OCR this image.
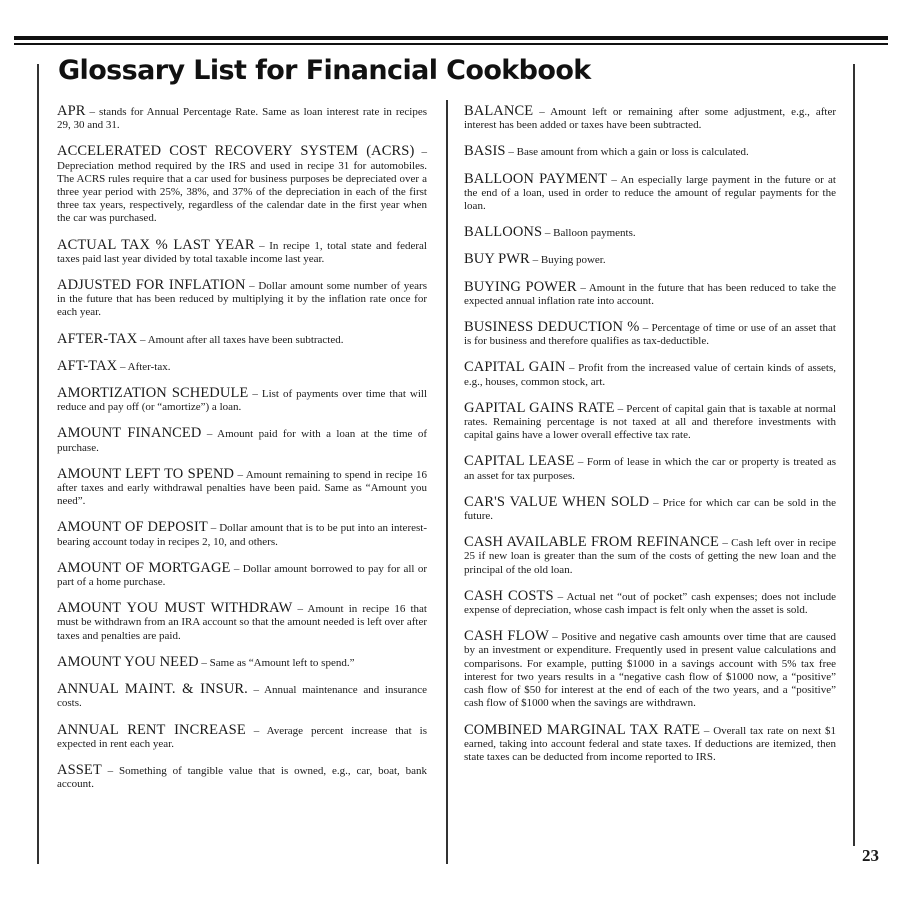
Glossary List for Financial Cookbook

APR – stands for Annual Percentage Rate. Same as loan interest rate in recipes 29, 30 and 31.

ACCELERATED COST RECOVERY SYSTEM (ACRS) – Depreciation method required by the IRS and used in recipe 31 for automobiles. The ACRS rules require that a car used for business purposes be depreciated over a three year period with 25%, 38%, and 37% of the depreciation in each of the first three tax years, respectively, regardless of the calendar date in the first year when the car was purchased.

ACTUAL TAX % LAST YEAR – In recipe 1, total state and federal taxes paid last year divided by total taxable income last year.

ADJUSTED FOR INFLATION – Dollar amount some number of years in the future that has been reduced by multiplying it by the inflation rate once for each year.

AFTER-TAX – Amount after all taxes have been subtracted.

AFT-TAX – After-tax.

AMORTIZATION SCHEDULE – List of payments over time that will reduce and pay off (or “amortize”) a loan.

AMOUNT FINANCED – Amount paid for with a loan at the time of purchase.

AMOUNT LEFT TO SPEND – Amount remaining to spend in recipe 16 after taxes and early withdrawal penalties have been paid. Same as “Amount you need”.

AMOUNT OF DEPOSIT – Dollar amount that is to be put into an interest-bearing account today in recipes 2, 10, and others.

AMOUNT OF MORTGAGE – Dollar amount borrowed to pay for all or part of a home purchase.

AMOUNT YOU MUST WITHDRAW – Amount in recipe 16 that must be withdrawn from an IRA account so that the amount needed is left over after taxes and penalties are paid.

AMOUNT YOU NEED – Same as “Amount left to spend.”

ANNUAL MAINT. & INSUR. – Annual maintenance and insurance costs.

ANNUAL RENT INCREASE – Average percent increase that is expected in rent each year.

ASSET – Something of tangible value that is owned, e.g., car, boat, bank account.

BALANCE – Amount left or remaining after some adjustment, e.g., after interest has been added or taxes have been subtracted.

BASIS – Base amount from which a gain or loss is calculated.

BALLOON PAYMENT – An especially large payment in the future or at the end of a loan, used in order to reduce the amount of regular payments for the loan.

BALLOONS – Balloon payments.

BUY PWR – Buying power.

BUYING POWER – Amount in the future that has been reduced to take the expected annual inflation rate into account.

BUSINESS DEDUCTION % – Percentage of time or use of an asset that is for business and therefore qualifies as tax-deductible.

CAPITAL GAIN – Profit from the increased value of certain kinds of assets, e.g., houses, common stock, art.

GAPITAL GAINS RATE – Percent of capital gain that is taxable at normal rates. Remaining percentage is not taxed at all and therefore investments with capital gains have a lower overall effective tax rate.

CAPITAL LEASE – Form of lease in which the car or property is treated as an asset for tax purposes.

CAR'S VALUE WHEN SOLD – Price for which car can be sold in the future.

CASH AVAILABLE FROM REFINANCE – Cash left over in recipe 25 if new loan is greater than the sum of the costs of getting the new loan and the principal of the old loan.

CASH COSTS – Actual net “out of pocket” cash expenses; does not include expense of depreciation, whose cash impact is felt only when the asset is sold.

CASH FLOW – Positive and negative cash amounts over time that are caused by an investment or expenditure. Frequently used in present value calculations and comparisons. For example, putting $1000 in a savings account with 5% tax free interest for two years results in a “negative cash flow of $1000 now, a “positive” cash flow of $50 for interest at the end of each of the two years, and a “positive” cash flow of $1000 when the savings are withdrawn.

COMBINED MARGINAL TAX RATE – Overall tax rate on next $1 earned, taking into account federal and state taxes. If deductions are itemized, then state taxes can be deducted from income reported to IRS.

23
